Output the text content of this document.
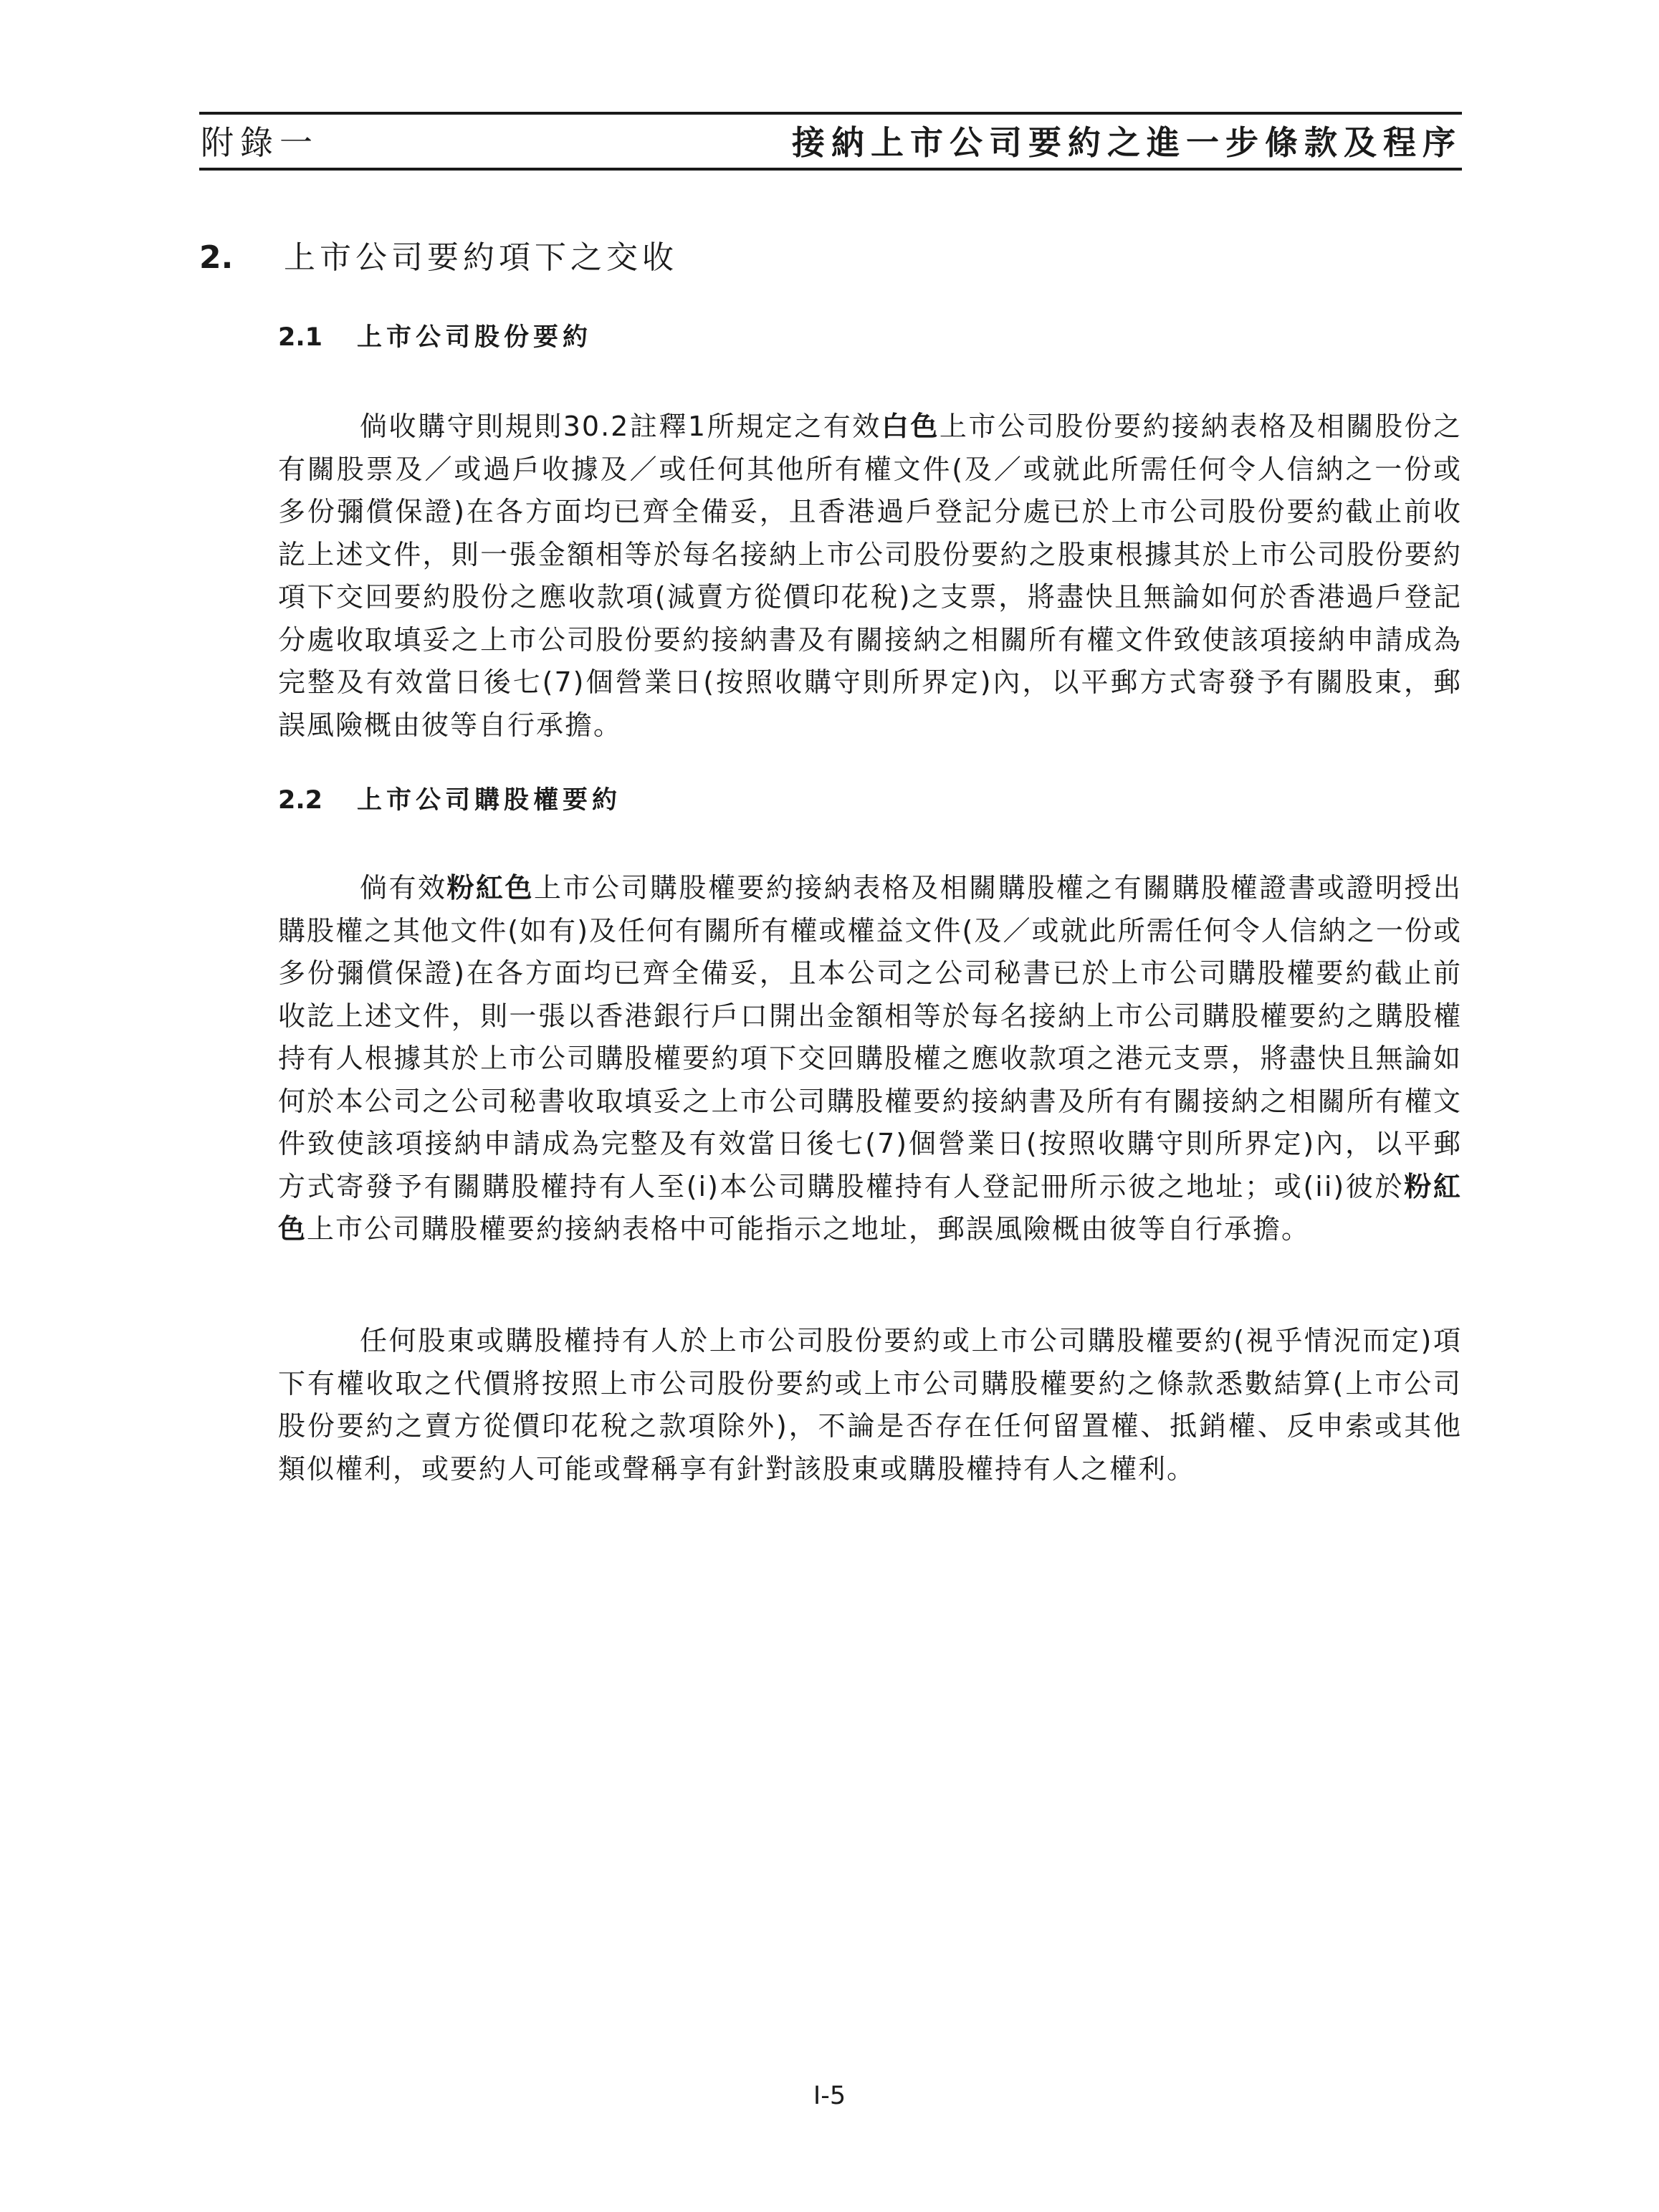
附錄一	接納上市公司要約之進一步條款及程序
2. 上市公司要約項下之交收
2.1 上市公司股份要約

倘收購守則規則30.2註釋1所規定之有效白色上市公司股份要約接納表格及相關股份之有關股票及／或過戶收據及／或任何其他所有權文件(及／或就此所需任何令人信納之一份或多份彌償保證)在各方面均已齊全備妥，且香港過戶登記分處已於上市公司股份要約截止前收訖上述文件，則一張金額相等於每名接納上市公司股份要約之股東根據其於上市公司股份要約項下交回要約股份之應收款項(減賣方從價印花稅)之支票，將盡快且無論如何於香港過戶登記分處收取填妥之上市公司股份要約接納書及有關接納之相關所有權文件致使該項接納申請成為完整及有效當日後七(7)個營業日(按照收購守則所界定)內，以平郵方式寄發予有關股東，郵誤風險概由彼等自行承擔。

2.2 上市公司購股權要約

倘有效粉紅色上市公司購股權要約接納表格及相關購股權之有關購股權證書或證明授出購股權之其他文件(如有)及任何有關所有權或權益文件(及／或就此所需任何令人信納之一份或多份彌償保證)在各方面均已齊全備妥，且本公司之公司秘書已於上市公司購股權要約截止前收訖上述文件，則一張以香港銀行戶口開出金額相等於每名接納上市公司購股權要約之購股權持有人根據其於上市公司購股權要約項下交回購股權之應收款項之港元支票，將盡快且無論如何於本公司之公司秘書收取填妥之上市公司購股權要約接納書及所有有關接納之相關所有權文件致使該項接納申請成為完整及有效當日後七(7)個營業日(按照收購守則所界定)內，以平郵方式寄發予有關購股權持有人至(i)本公司購股權持有人登記冊所示彼之地址；或(ii)彼於粉紅色上市公司購股權要約接納表格中可能指示之地址，郵誤風險概由彼等自行承擔。

任何股東或購股權持有人於上市公司股份要約或上市公司購股權要約(視乎情況而定)項下有權收取之代價將按照上市公司股份要約或上市公司購股權要約之條款悉數結算(上市公司股份要約之賣方從價印花稅之款項除外)，不論是否存在任何留置權、抵銷權、反申索或其他類似權利，或要約人可能或聲稱享有針對該股東或購股權持有人之權利。

I-5
